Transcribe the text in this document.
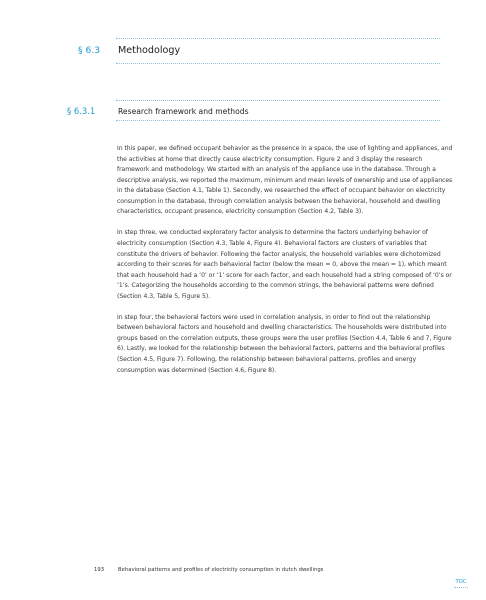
§ 6.3 Methodology
§ 6.3.1	Research framework and methods

In this paper, we defined occupant behavior as the presence in a space, the use of lighting and appliances, and the activities at home that directly cause electricity consumption. Figure 2 and 3 display the research framework and methodology. We started with an analysis of the appliance use in the database. Through a descriptive analysis, we reported the maximum, minimum and mean levels of ownership and use of appliances in the database (Section 4.1, Table 1). Secondly, we researched the effect of occupant behavior on electricity consumption in the database, through correlation analysis between the behavioral, household and dwelling characteristics, occupant presence, electricity consumption (Section 4.2, Table 3).

In step three, we conducted exploratory factor analysis to determine the factors underlying behavior of electricity consumption (Section 4.3, Table 4, Figure 4). Behavioral factors are clusters of variables that constitute the drivers of behavior. Following the factor analysis, the household variables were dichotomized according to their scores for each behavioral factor (below the mean = 0, above the mean = 1), which meant that each household had a ‘0’ or ‘1’ score for each factor, and each household had a string composed of ‘0’s or ‘1’s. Categorizing the households according to the common strings, the behavioral patterns were defined (Section 4.3, Table 5, Figure 5).

In step four, the behavioral factors were used in correlation analysis, in order to find out the relationship between behavioral factors and household and dwelling characteristics. The households were distributed into groups based on the correlation outputs, these groups were the user profiles (Section 4.4, Table 6 and 7, Figure 6). Lastly, we looked for the relationship between the behavioral factors, patterns and the behavioral profiles (Section 4.5, Figure 7). Following, the relationship between behavioral patterns, profiles and energy consumption was determined (Section 4.6, Figure 8).

193	Behavioral patterns and profiles of electricity consumption in dutch dwellings
TOC
